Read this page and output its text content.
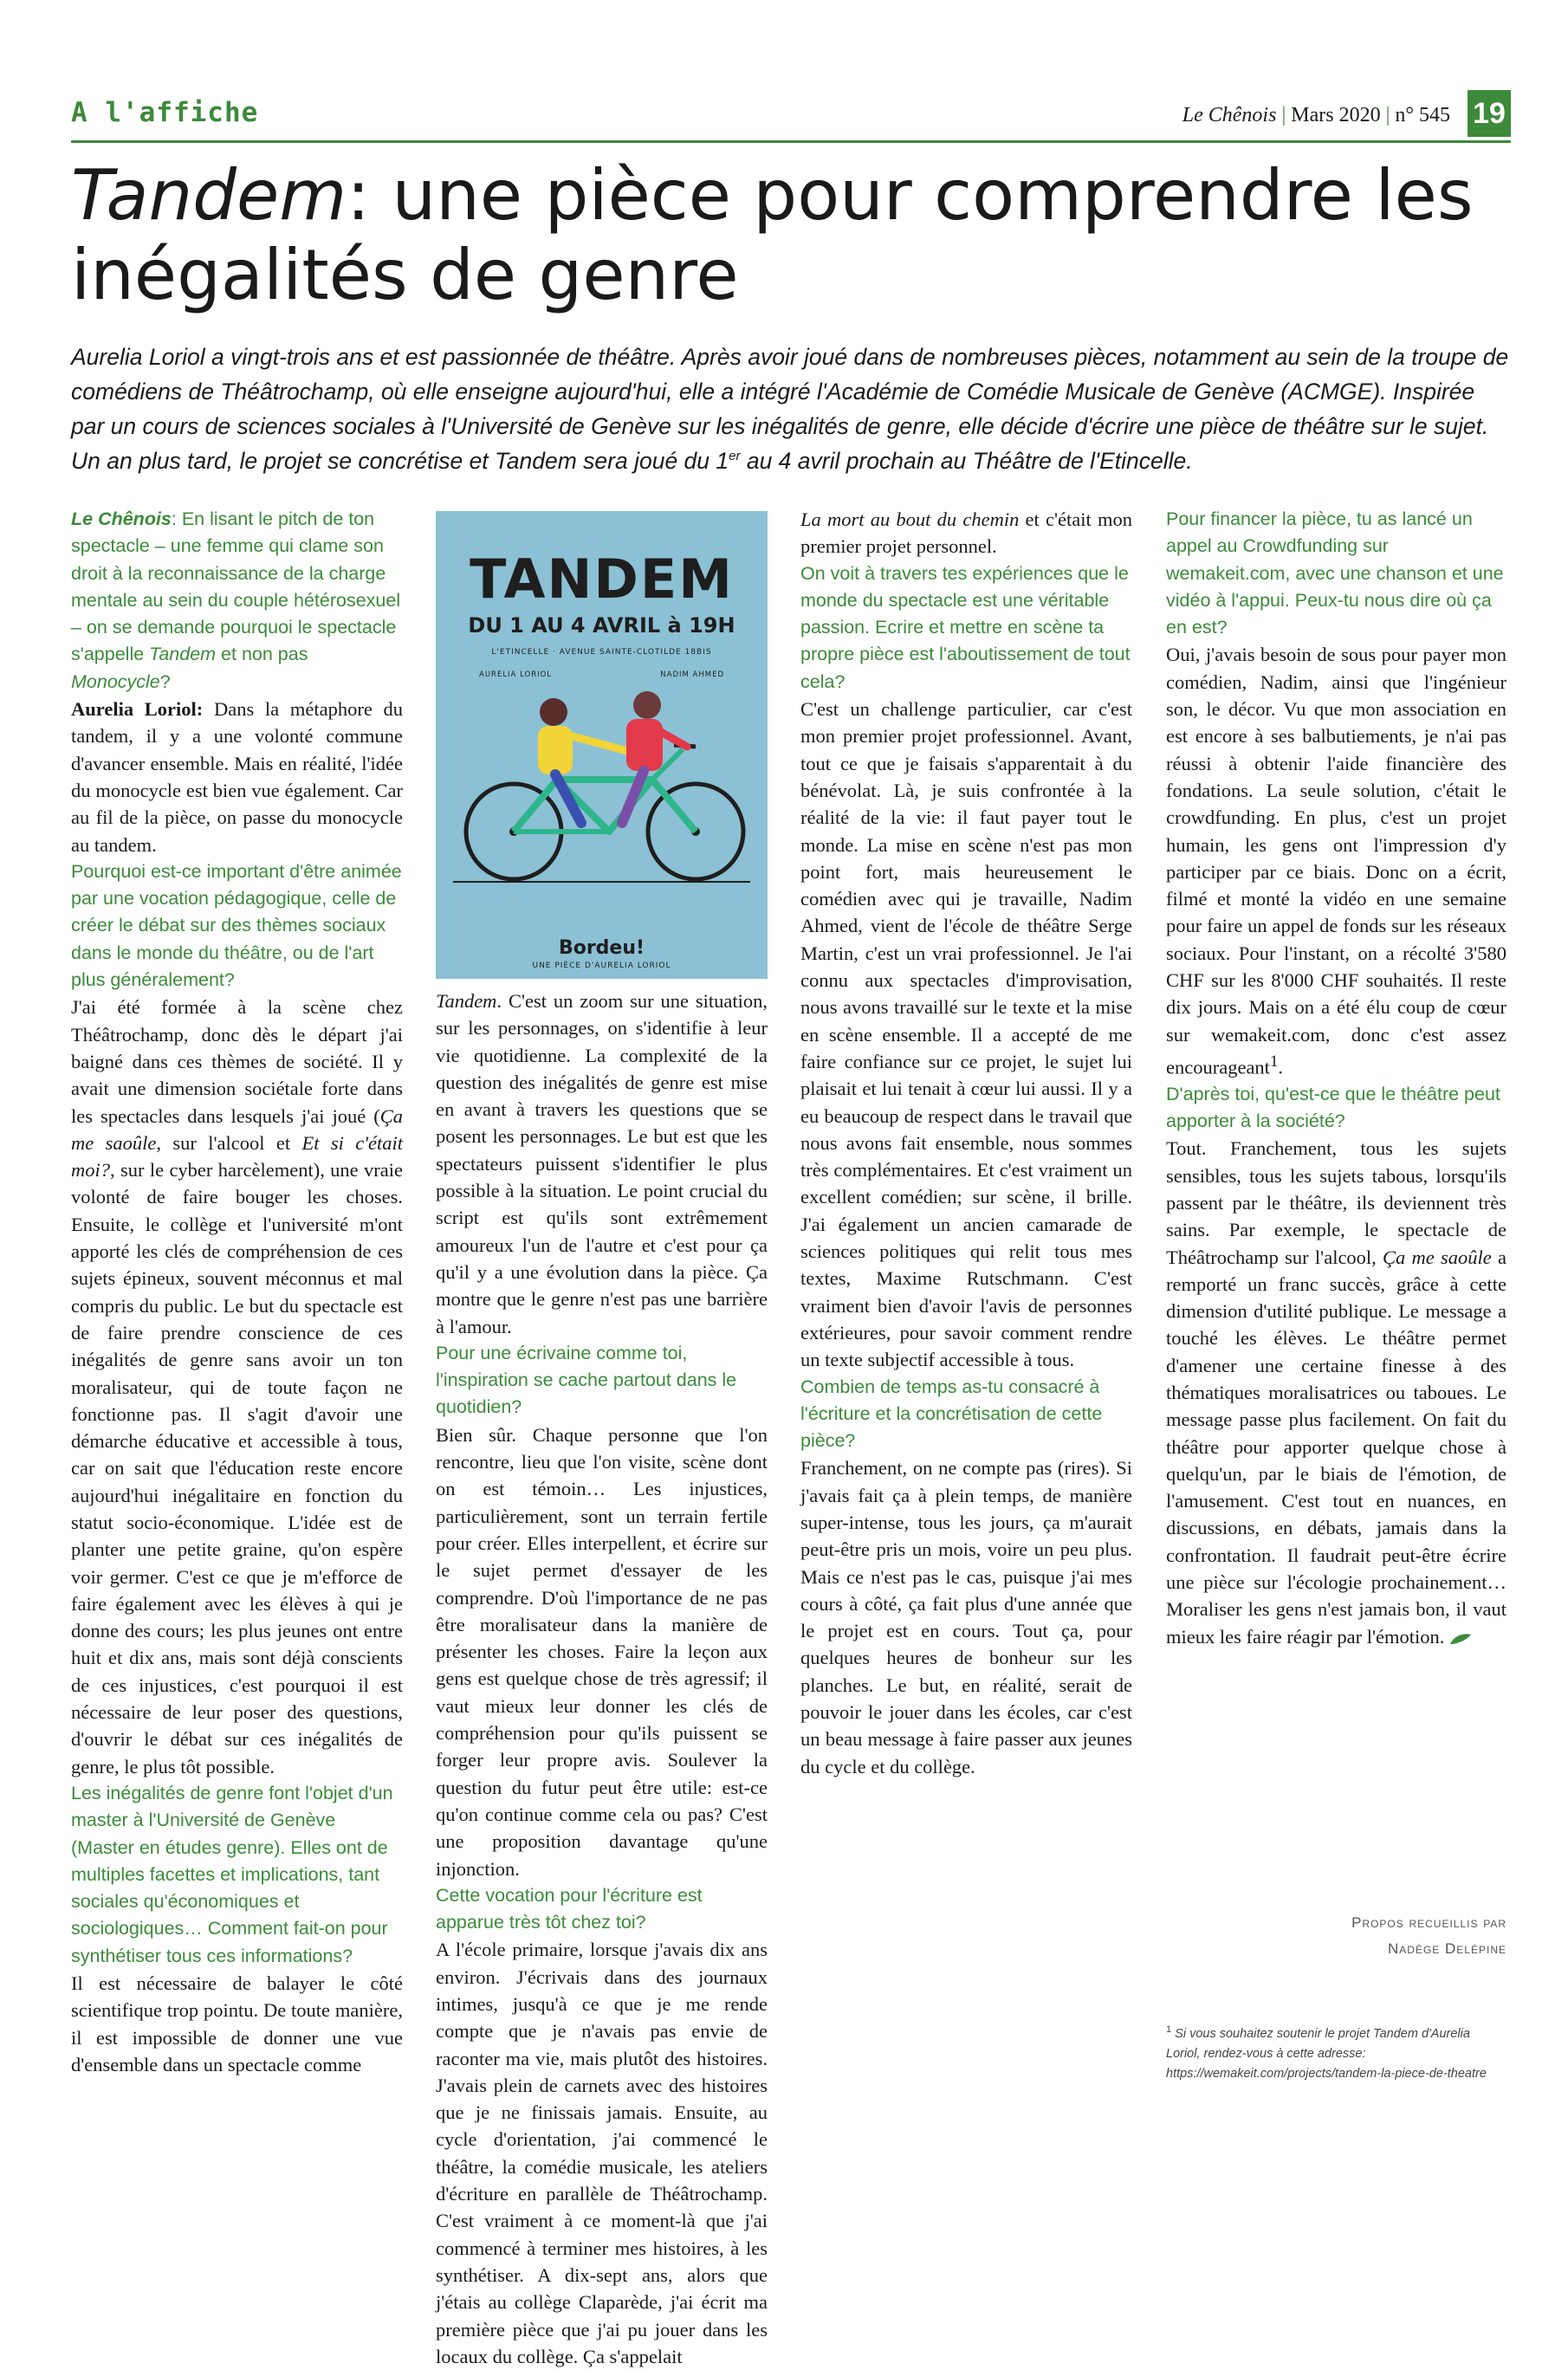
A l'affiche	Le Chênois | Mars 2020 | n° 545 19
Tandem: une pièce pour comprendre les inégalités de genre

Aurelia Loriol a vingt-trois ans et est passionnée de théâtre. Après avoir joué dans de nombreuses pièces, notamment au sein de la troupe de comédiens de Théâtrochamp, où elle enseigne aujourd'hui, elle a intégré l'Académie de Comédie Musicale de Genève (ACMGE). Inspirée par un cours de sciences sociales à l'Université de Genève sur les inégalités de genre, elle décide d'écrire une pièce de théâtre sur le sujet. Un an plus tard, le projet se concrétise et Tandem sera joué du 1er au 4 avril prochain au Théâtre de l'Etincelle.

Le Chênois: En lisant le pitch de ton spectacle – une femme qui clame son droit à la reconnaissance de la charge mentale au sein du couple hétérosexuel – on se demande pourquoi le spectacle s'appelle Tandem et non pas Monocycle?

Aurelia Loriol: Dans la métaphore du tandem, il y a une volonté commune d'avancer ensemble. Mais en réalité, l'idée du monocycle est bien vue également. Car au fil de la pièce, on passe du monocycle au tandem.

Pourquoi est-ce important d'être animée par une vocation pédagogique, celle de créer le débat sur des thèmes sociaux dans le monde du théâtre, ou de l'art plus généralement?

J'ai été formée à la scène chez Théâtrochamp, donc dès le départ j'ai baigné dans ces thèmes de société. Il y avait une dimension sociétale forte dans les spectacles dans lesquels j'ai joué (Ça me saoûle, sur l'alcool et Et si c'était moi?, sur le cyber harcèlement), une vraie volonté de faire bouger les choses. Ensuite, le collège et l'université m'ont apporté les clés de compréhension de ces sujets épineux, souvent méconnus et mal compris du public. Le but du spectacle est de faire prendre conscience de ces inégalités de genre sans avoir un ton moralisateur, qui de toute façon ne fonctionne pas. Il s'agit d'avoir une démarche éducative et accessible à tous, car on sait que l'éducation reste encore aujourd'hui inégalitaire en fonction du statut socio-économique. L'idée est de planter une petite graine, qu'on espère voir germer. C'est ce que je m'efforce de faire également avec les élèves à qui je donne des cours; les plus jeunes ont entre huit et dix ans, mais sont déjà conscients de ces injustices, c'est pourquoi il est nécessaire de leur poser des questions, d'ouvrir le débat sur ces inégalités de genre, le plus tôt possible.

Les inégalités de genre font l'objet d'un master à l'Université de Genève (Master en études genre). Elles ont de multiples facettes et implications, tant sociales qu'économiques et sociologiques… Comment fait-on pour synthétiser tous ces informations?

Il est nécessaire de balayer le côté scientifique trop pointu. De toute manière, il est impossible de donner une vue d'ensemble dans un spectacle comme

TANDEM
DU 1 AU 4 AVRIL à 19H
L'ETINCELLE · AVENUE SAINTE-CLOTILDE 18BIS
AURELIA LORIOL	NADIM AHMED
Bordeu!
UNE PIÈCE D'AURELIA LORIOL

Tandem. C'est un zoom sur une situation, sur les personnages, on s'identifie à leur vie quotidienne. La complexité de la question des inégalités de genre est mise en avant à travers les questions que se posent les personnages. Le but est que les spectateurs puissent s'identifier le plus possible à la situation. Le point crucial du script est qu'ils sont extrêmement amoureux l'un de l'autre et c'est pour ça qu'il y a une évolution dans la pièce. Ça montre que le genre n'est pas une barrière à l'amour.

Pour une écrivaine comme toi, l'inspiration se cache partout dans le quotidien?

Bien sûr. Chaque personne que l'on rencontre, lieu que l'on visite, scène dont on est témoin… Les injustices, particulièrement, sont un terrain fertile pour créer. Elles interpellent, et écrire sur le sujet permet d'essayer de les comprendre. D'où l'importance de ne pas être moralisateur dans la manière de présenter les choses. Faire la leçon aux gens est quelque chose de très agressif; il vaut mieux leur donner les clés de compréhension pour qu'ils puissent se forger leur propre avis. Soulever la question du futur peut être utile: est-ce qu'on continue comme cela ou pas? C'est une proposition davantage qu'une injonction.

Cette vocation pour l'écriture est apparue très tôt chez toi?

A l'école primaire, lorsque j'avais dix ans environ. J'écrivais dans des journaux intimes, jusqu'à ce que je me rende compte que je n'avais pas envie de raconter ma vie, mais plutôt des histoires. J'avais plein de carnets avec des histoires que je ne finissais jamais. Ensuite, au cycle d'orientation, j'ai commencé le théâtre, la comédie musicale, les ateliers d'écriture en parallèle de Théâtrochamp. C'est vraiment à ce moment-là que j'ai commencé à terminer mes histoires, à les synthétiser. A dix-sept ans, alors que j'étais au collège Claparède, j'ai écrit ma première pièce que j'ai pu jouer dans les locaux du collège. Ça s'appelait

La mort au bout du chemin et c'était mon premier projet personnel.

On voit à travers tes expériences que le monde du spectacle est une véritable passion. Ecrire et mettre en scène ta propre pièce est l'aboutissement de tout cela?

C'est un challenge particulier, car c'est mon premier projet professionnel. Avant, tout ce que je faisais s'apparentait à du bénévolat. Là, je suis confrontée à la réalité de la vie: il faut payer tout le monde. La mise en scène n'est pas mon point fort, mais heureusement le comédien avec qui je travaille, Nadim Ahmed, vient de l'école de théâtre Serge Martin, c'est un vrai professionnel. Je l'ai connu aux spectacles d'improvisation, nous avons travaillé sur le texte et la mise en scène ensemble. Il a accepté de me faire confiance sur ce projet, le sujet lui plaisait et lui tenait à cœur lui aussi. Il y a eu beaucoup de respect dans le travail que nous avons fait ensemble, nous sommes très complémentaires. Et c'est vraiment un excellent comédien; sur scène, il brille. J'ai également un ancien camarade de sciences politiques qui relit tous mes textes, Maxime Rutschmann. C'est vraiment bien d'avoir l'avis de personnes extérieures, pour savoir comment rendre un texte subjectif accessible à tous.

Combien de temps as-tu consacré à l'écriture et la concrétisation de cette pièce?

Franchement, on ne compte pas (rires). Si j'avais fait ça à plein temps, de manière super-intense, tous les jours, ça m'aurait peut-être pris un mois, voire un peu plus. Mais ce n'est pas le cas, puisque j'ai mes cours à côté, ça fait plus d'une année que le projet est en cours. Tout ça, pour quelques heures de bonheur sur les planches. Le but, en réalité, serait de pouvoir le jouer dans les écoles, car c'est un beau message à faire passer aux jeunes du cycle et du collège.

Pour financer la pièce, tu as lancé un appel au Crowdfunding sur wemakeit.com, avec une chanson et une vidéo à l'appui. Peux-tu nous dire où ça en est?

Oui, j'avais besoin de sous pour payer mon comédien, Nadim, ainsi que l'ingénieur son, le décor. Vu que mon association en est encore à ses balbutiements, je n'ai pas réussi à obtenir l'aide financière des fondations. La seule solution, c'était le crowdfunding. En plus, c'est un projet humain, les gens ont l'impression d'y participer par ce biais. Donc on a écrit, filmé et monté la vidéo en une semaine pour faire un appel de fonds sur les réseaux sociaux. Pour l'instant, on a récolté 3'580 CHF sur les 8'000 CHF souhaités. Il reste dix jours. Mais on a été élu coup de cœur sur wemakeit.com, donc c'est assez encourageant$^1$.

D'après toi, qu'est-ce que le théâtre peut apporter à la société?

Tout. Franchement, tous les sujets sensibles, tous les sujets tabous, lorsqu'ils passent par le théâtre, ils deviennent très sains. Par exemple, le spectacle de Théâtrochamp sur l'alcool, Ça me saoûle a remporté un franc succès, grâce à cette dimension d'utilité publique. Le message a touché les élèves. Le théâtre permet d'amener une certaine finesse à des thématiques moralisatrices ou taboues. Le message passe plus facilement. On fait du théâtre pour apporter quelque chose à quelqu'un, par le biais de l'émotion, de l'amusement. C'est tout en nuances, en discussions, en débats, jamais dans la confrontation. Il faudrait peut-être écrire une pièce sur l'écologie prochainement… Moraliser les gens n'est jamais bon, il vaut mieux les faire réagir par l'émotion.

Propos recueillis par
Nadège Delépine
$^1$ Si vous souhaitez soutenir le projet Tandem d'Aurelia Loriol, rendez-vous à cette adresse: https://wemakeit.com/projects/tandem-la-piece-de-theatre
